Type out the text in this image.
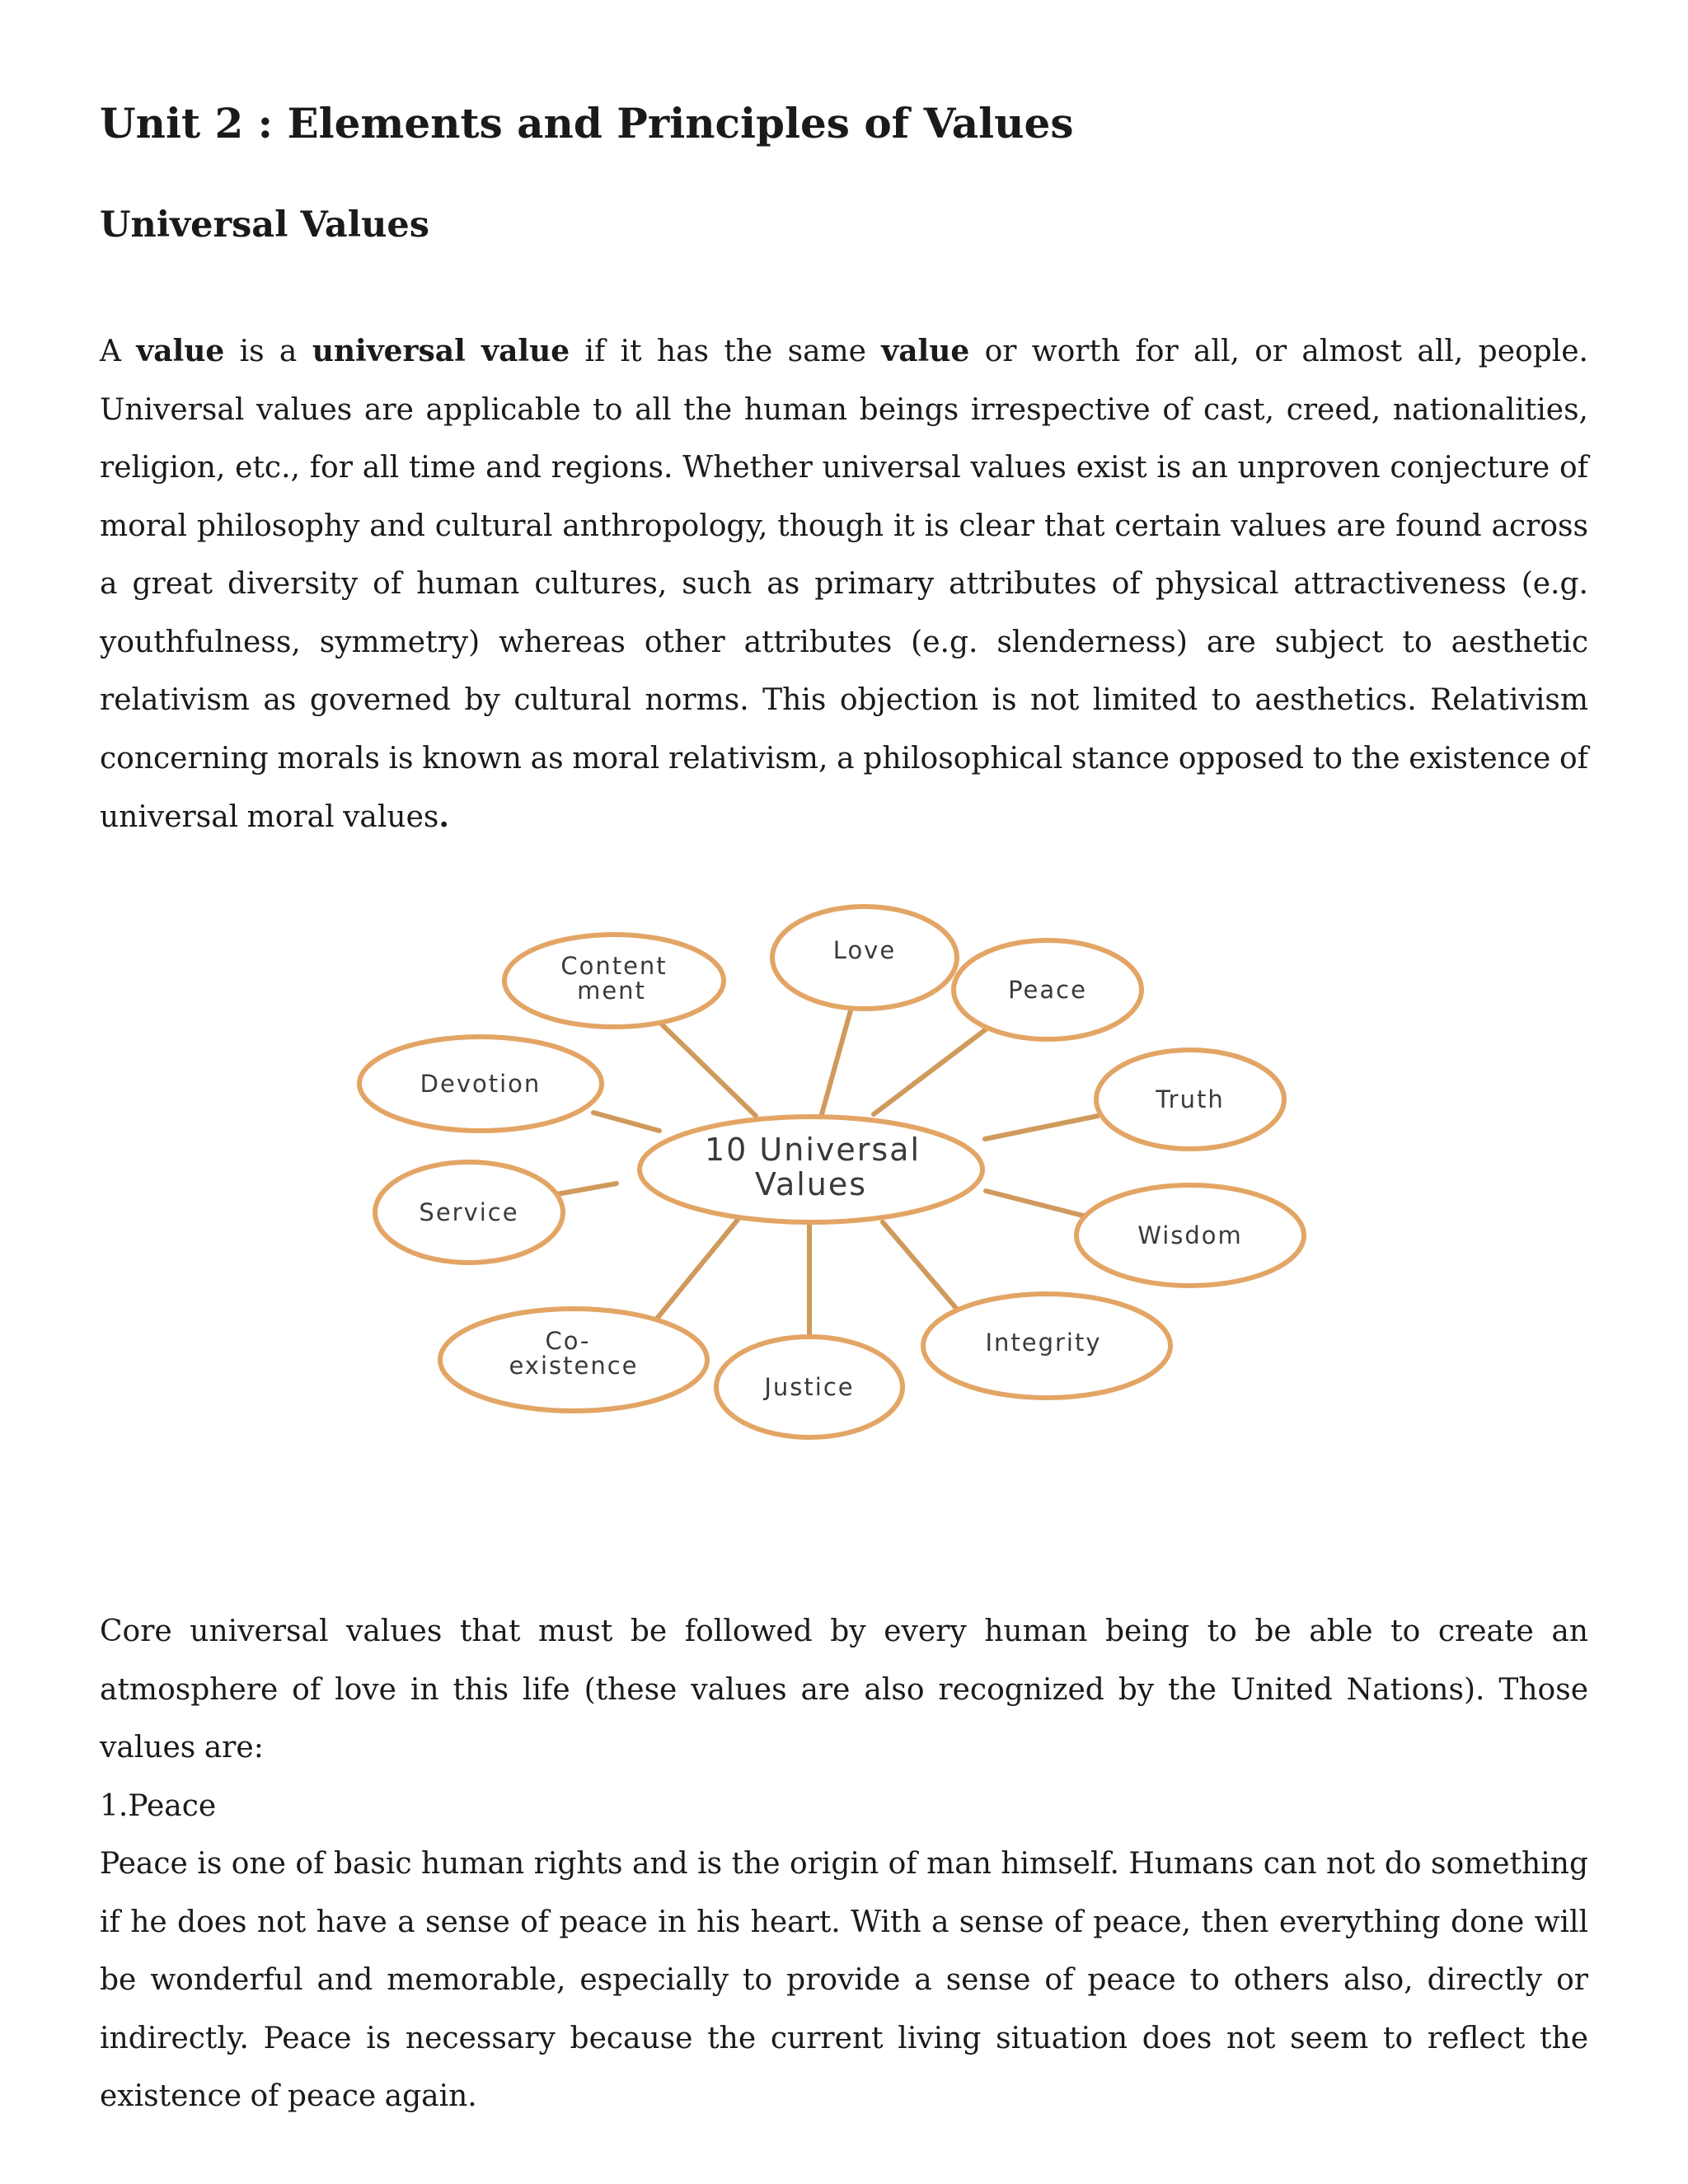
Unit 2 : Elements and Principles of Values
Universal Values

A value is a universal value if it has the same value or worth for all, or almost all, people. Universal values are applicable to all the human beings irrespective of cast, creed, nationalities, religion, etc., for all time and regions. Whether universal values exist is an unproven conjecture of moral philosophy and cultural anthropology, though it is clear that certain values are found across a great diversity of human cultures, such as primary attributes of physical attractiveness (e.g. youthfulness, symmetry) whereas other attributes (e.g. slenderness) are subject to aesthetic relativism as governed by cultural norms. This objection is not limited to aesthetics. Relativism concerning morals is known as moral relativism, a philosophical stance opposed to the existence of universal moral values.

10 Universal
Values
Content
ment
Love
Peace
Devotion
Truth
Service
Wisdom
Co-
existence
Integrity
Justice

Core universal values that must be followed by every human being to be able to create an atmosphere of love in this life (these values are also recognized by the United Nations). Those values are:

1.Peace

Peace is one of basic human rights and is the origin of man himself. Humans can not do something if he does not have a sense of peace in his heart. With a sense of peace, then everything done will be wonderful and memorable, especially to provide a sense of peace to others also, directly or indirectly. Peace is necessary because the current living situation does not seem to reflect the existence of peace again.
